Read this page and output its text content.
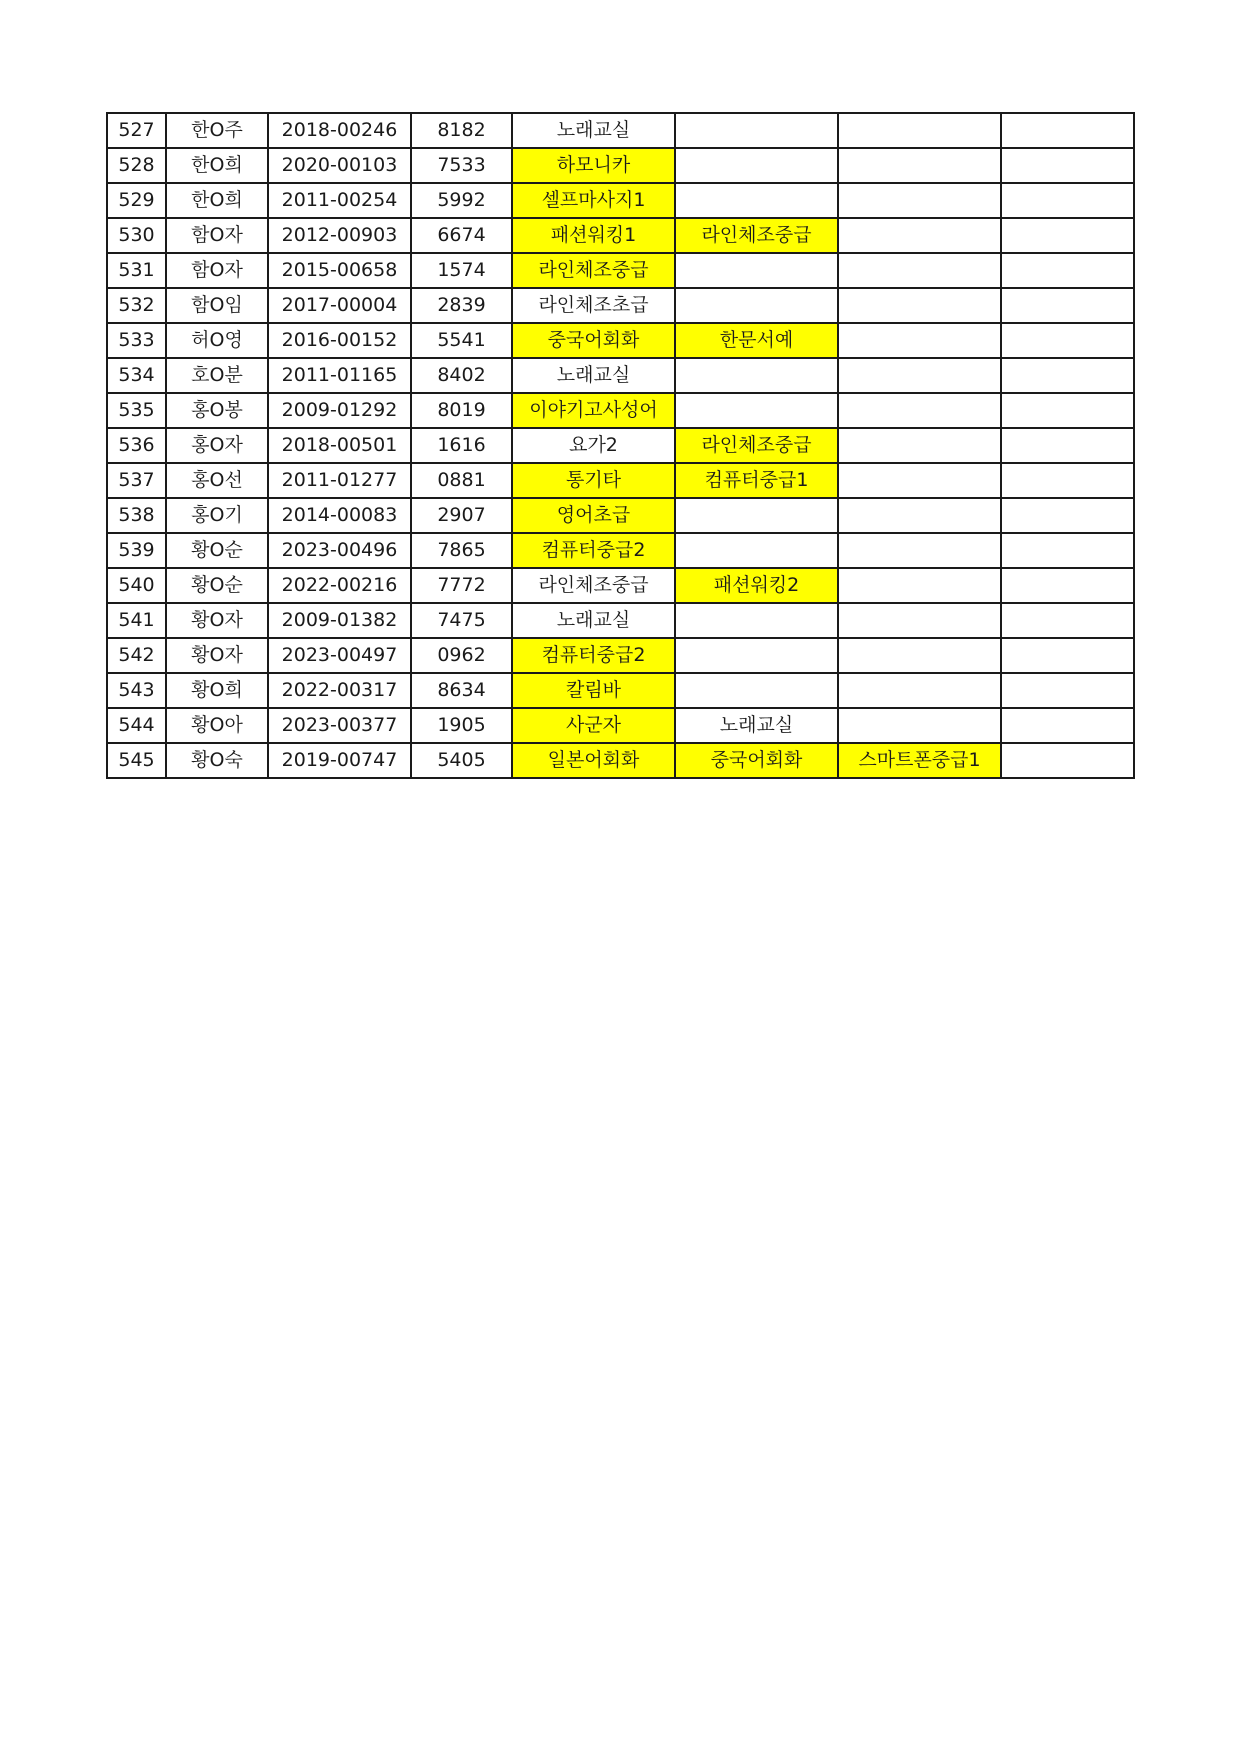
527	한O주	2018-00246	8182	노래교실			
528	한O희	2020-00103	7533	하모니카			
529	한O희	2011-00254	5992	셀프마사지1			
530	함O자	2012-00903	6674	패션워킹1	라인체조중급		
531	함O자	2015-00658	1574	라인체조중급			
532	함O임	2017-00004	2839	라인체조초급			
533	허O영	2016-00152	5541	중국어회화	한문서예		
534	호O분	2011-01165	8402	노래교실			
535	홍O봉	2009-01292	8019	이야기고사성어			
536	홍O자	2018-00501	1616	요가2	라인체조중급		
537	홍O선	2011-01277	0881	통기타	컴퓨터중급1		
538	홍O기	2014-00083	2907	영어초급			
539	황O순	2023-00496	7865	컴퓨터중급2			
540	황O순	2022-00216	7772	라인체조중급	패션워킹2		
541	황O자	2009-01382	7475	노래교실			
542	황O자	2023-00497	0962	컴퓨터중급2			
543	황O희	2022-00317	8634	칼림바			
544	황O아	2023-00377	1905	사군자	노래교실		
545	황O숙	2019-00747	5405	일본어회화	중국어회화	스마트폰중급1	
